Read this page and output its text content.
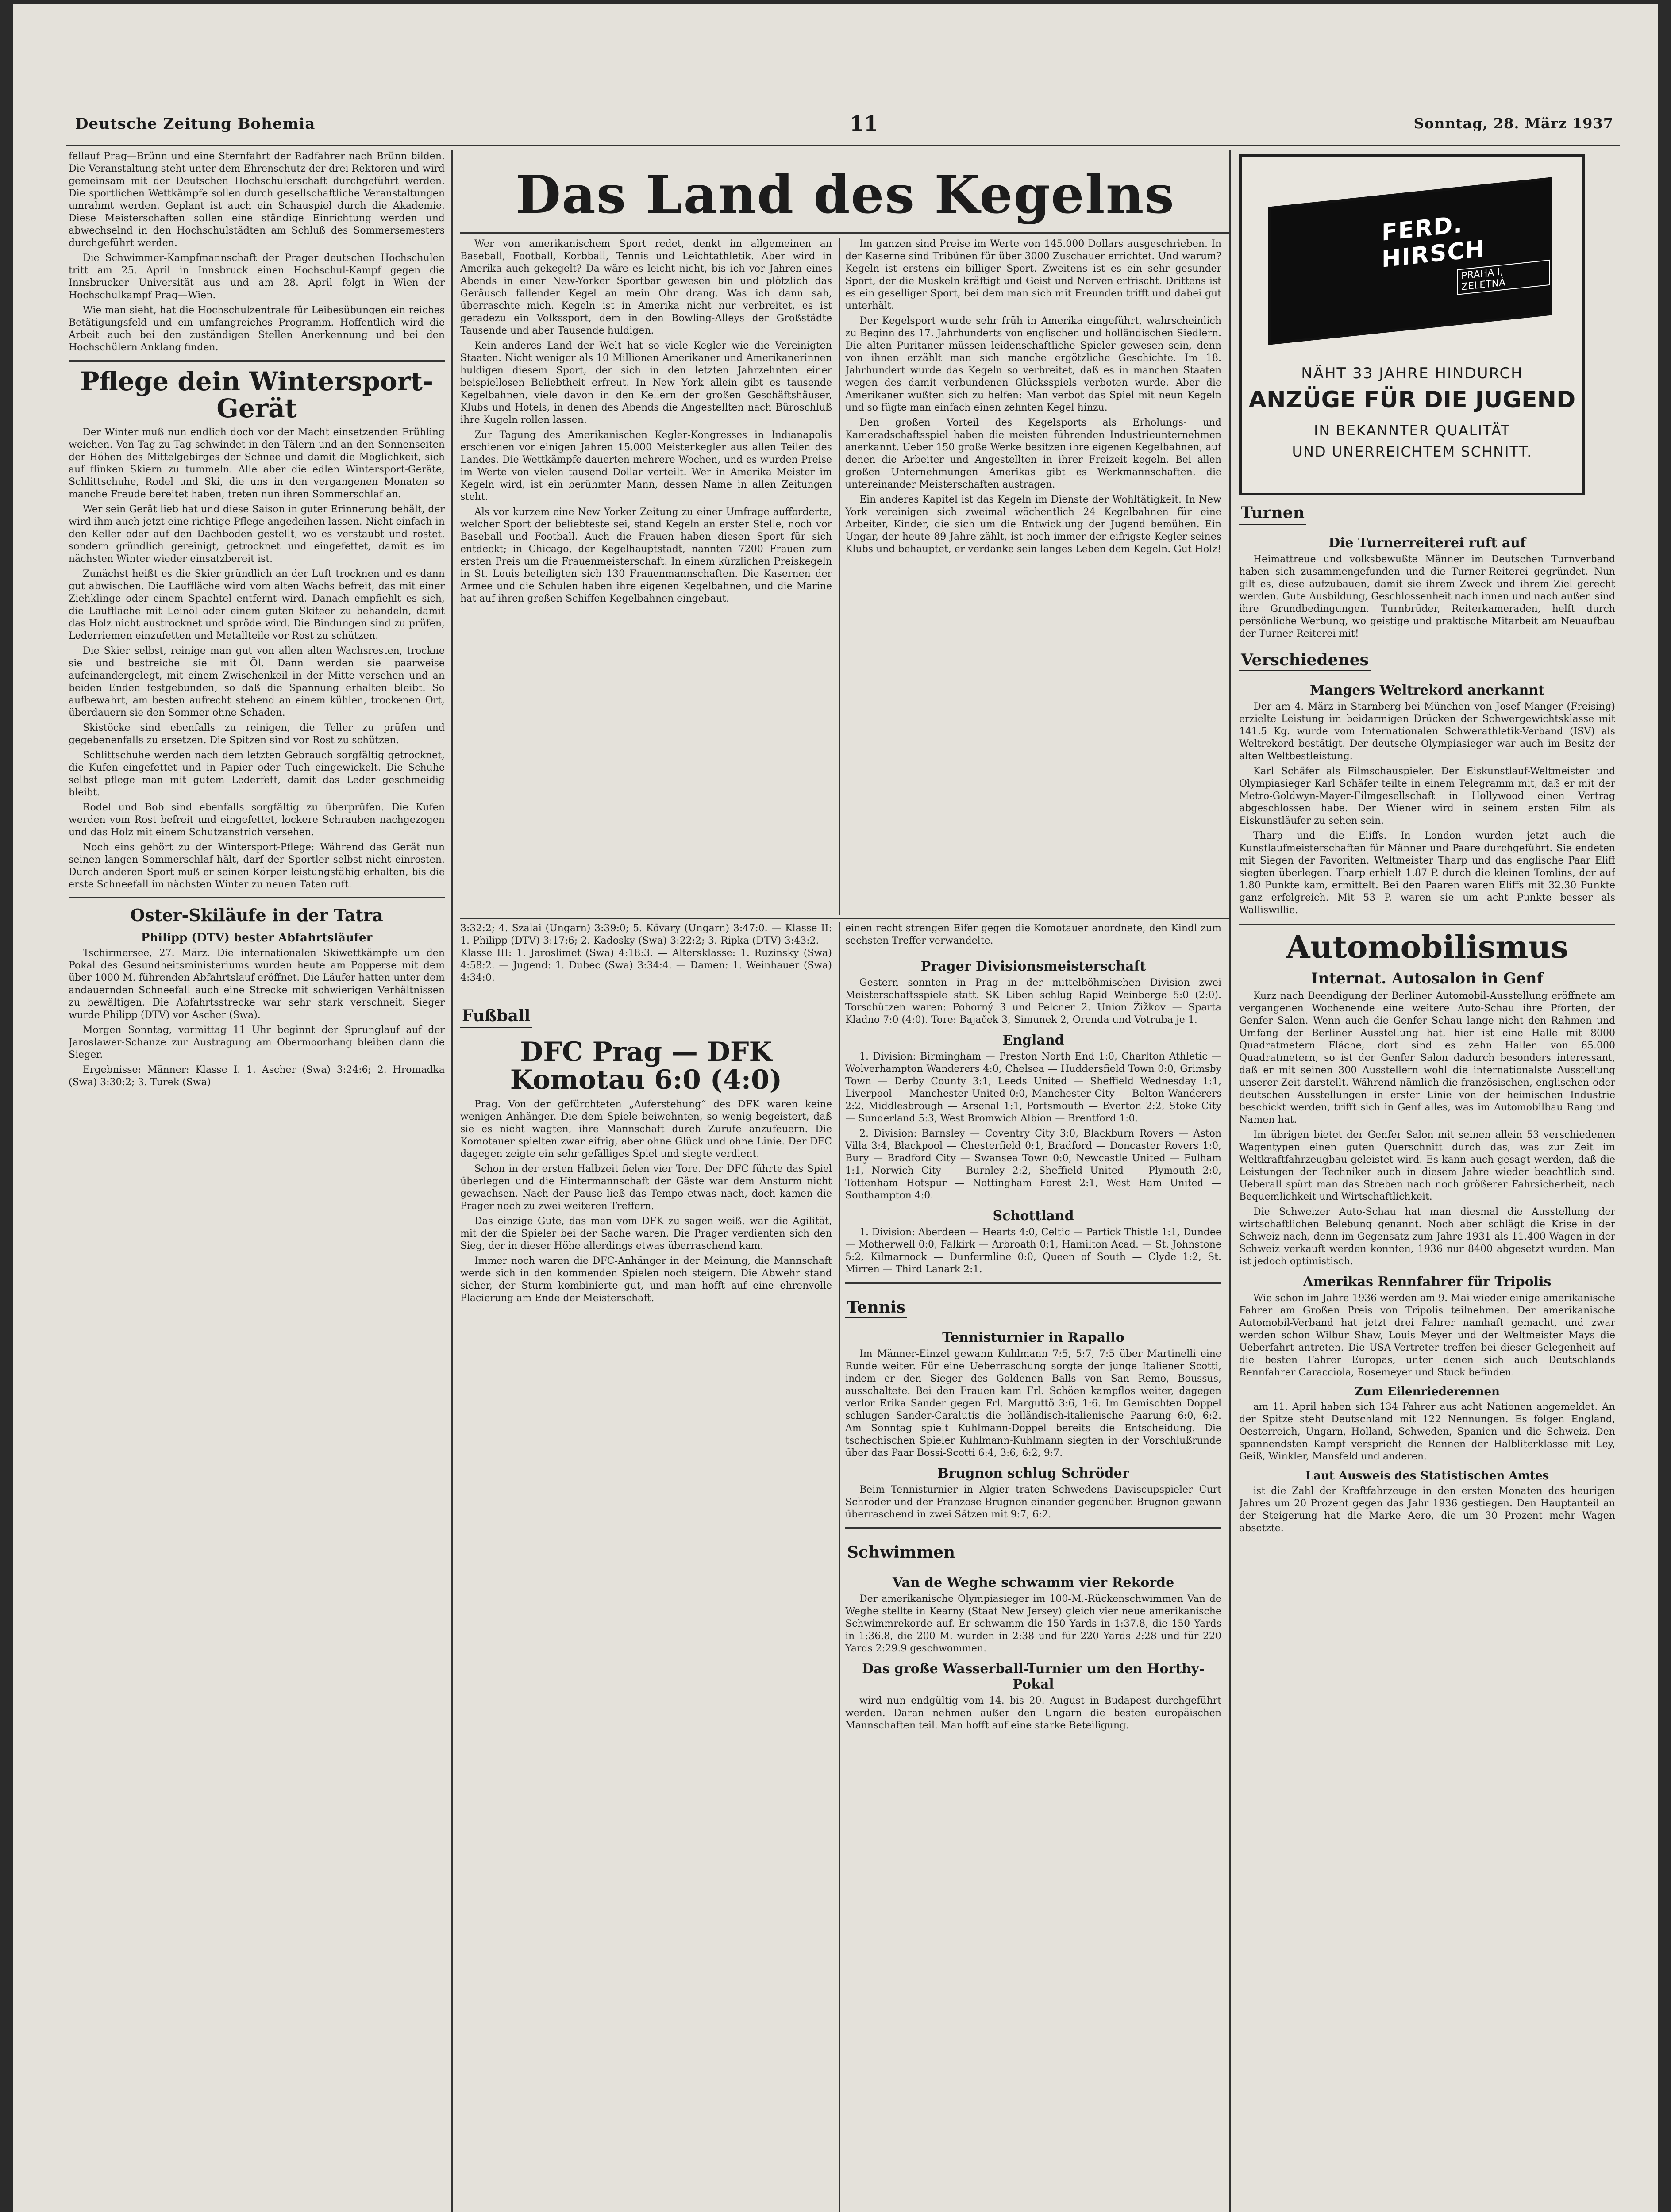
Deutsche Zeitung Bohemia	11	Sonntag, 28. März 1937

fellauf Prag—Brünn und eine Sternfahrt der Radfahrer nach Brünn bilden. Die Veranstaltung steht unter dem Ehrenschutz der drei Rektoren und wird gemeinsam mit der Deutschen Hochschülerschaft durchgeführt werden. Die sportlichen Wettkämpfe sollen durch gesellschaftliche Veranstaltungen umrahmt werden. Geplant ist auch ein Schauspiel durch die Akademie. Diese Meisterschaften sollen eine ständige Einrichtung werden und abwechselnd in den Hochschulstädten am Schluß des Sommersemesters durchgeführt werden.

Die Schwimmer-Kampfmannschaft der Prager deutschen Hochschulen tritt am 25. April in Innsbruck einen Hochschul-Kampf gegen die Innsbrucker Universität aus und am 28. April folgt in Wien der Hochschulkampf Prag—Wien.

Wie man sieht, hat die Hochschulzentrale für Leibesübungen ein reiches Betätigungsfeld und ein umfangreiches Programm. Hoffentlich wird die Arbeit auch bei den zuständigen Stellen Anerkennung und bei den Hochschülern Anklang finden.

Pflege dein Wintersport-Gerät

Der Winter muß nun endlich doch vor der Macht einsetzenden Frühling weichen. Von Tag zu Tag schwindet in den Tälern und an den Sonnenseiten der Höhen des Mittelgebirges der Schnee und damit die Möglichkeit, sich auf flinken Skiern zu tummeln. Alle aber die edlen Wintersport-Geräte, Schlittschuhe, Rodel und Ski, die uns in den vergangenen Monaten so manche Freude bereitet haben, treten nun ihren Sommerschlaf an.

Wer sein Gerät lieb hat und diese Saison in guter Erinnerung behält, der wird ihm auch jetzt eine richtige Pflege angedeihen lassen. Nicht einfach in den Keller oder auf den Dachboden gestellt, wo es verstaubt und rostet, sondern gründlich gereinigt, getrocknet und eingefettet, damit es im nächsten Winter wieder einsatzbereit ist.

Zunächst heißt es die Skier gründlich an der Luft trocknen und es dann gut abwischen. Die Lauffläche wird vom alten Wachs befreit, das mit einer Ziehklinge oder einem Spachtel entfernt wird. Danach empfiehlt es sich, die Lauffläche mit Leinöl oder einem guten Skiteer zu behandeln, damit das Holz nicht austrocknet und spröde wird. Die Bindungen sind zu prüfen, Lederriemen einzufetten und Metallteile vor Rost zu schützen.

Die Skier selbst, reinige man gut von allen alten Wachsresten, trockne sie und bestreiche sie mit Öl. Dann werden sie paarweise aufeinandergelegt, mit einem Zwischenkeil in der Mitte versehen und an beiden Enden festgebunden, so daß die Spannung erhalten bleibt. So aufbewahrt, am besten aufrecht stehend an einem kühlen, trockenen Ort, überdauern sie den Sommer ohne Schaden.

Skistöcke sind ebenfalls zu reinigen, die Teller zu prüfen und gegebenenfalls zu ersetzen. Die Spitzen sind vor Rost zu schützen.

Schlittschuhe werden nach dem letzten Gebrauch sorgfältig getrocknet, die Kufen eingefettet und in Papier oder Tuch eingewickelt. Die Schuhe selbst pflege man mit gutem Lederfett, damit das Leder geschmeidig bleibt.

Rodel und Bob sind ebenfalls sorgfältig zu überprüfen. Die Kufen werden vom Rost befreit und eingefettet, lockere Schrauben nachgezogen und das Holz mit einem Schutzanstrich versehen.

Noch eins gehört zu der Wintersport-Pflege: Während das Gerät nun seinen langen Sommerschlaf hält, darf der Sportler selbst nicht einrosten. Durch anderen Sport muß er seinen Körper leistungsfähig erhalten, bis die erste Schneefall im nächsten Winter zu neuen Taten ruft.

Oster-Skiläufe in der Tatra
Philipp (DTV) bester Abfahrtsläufer

Tschirmersee, 27. März. Die internationalen Skiwettkämpfe um den Pokal des Gesundheitsministeriums wurden heute am Popperse mit dem über 1000 M. führenden Abfahrtslauf eröffnet. Die Läufer hatten unter dem andauernden Schneefall auch eine Strecke mit schwierigen Verhältnissen zu bewältigen. Die Abfahrtsstrecke war sehr stark verschneit. Sieger wurde Philipp (DTV) vor Ascher (Swa).

Morgen Sonntag, vormittag 11 Uhr beginnt der Sprunglauf auf der Jaroslawer-Schanze zur Austragung am Obermoorhang bleiben dann die Sieger.

Ergebnisse: Männer: Klasse I. 1. Ascher (Swa) 3:24:6; 2. Hromadka (Swa) 3:30:2; 3. Turek (Swa)

Das Land des Kegelns

Wer von amerikanischem Sport redet, denkt im allgemeinen an Baseball, Football, Korbball, Tennis und Leichtathletik. Aber wird in Amerika auch gekegelt? Da wäre es leicht nicht, bis ich vor Jahren eines Abends in einer New-Yorker Sportbar gewesen bin und plötzlich das Geräusch fallender Kegel an mein Ohr drang. Was ich dann sah, überraschte mich. Kegeln ist in Amerika nicht nur verbreitet, es ist geradezu ein Volkssport, dem in den Bowling-Alleys der Großstädte Tausende und aber Tausende huldigen.

Kein anderes Land der Welt hat so viele Kegler wie die Vereinigten Staaten. Nicht weniger als 10 Millionen Amerikaner und Amerikanerinnen huldigen diesem Sport, der sich in den letzten Jahrzehnten einer beispiellosen Beliebtheit erfreut. In New York allein gibt es tausende Kegelbahnen, viele davon in den Kellern der großen Geschäftshäuser, Klubs und Hotels, in denen des Abends die Angestellten nach Büroschluß ihre Kugeln rollen lassen.

Zur Tagung des Amerikanischen Kegler-Kongresses in Indianapolis erschienen vor einigen Jahren 15.000 Meisterkegler aus allen Teilen des Landes. Die Wettkämpfe dauerten mehrere Wochen, und es wurden Preise im Werte von vielen tausend Dollar verteilt. Wer in Amerika Meister im Kegeln wird, ist ein berühmter Mann, dessen Name in allen Zeitungen steht.

Als vor kurzem eine New Yorker Zeitung zu einer Umfrage aufforderte, welcher Sport der beliebteste sei, stand Kegeln an erster Stelle, noch vor Baseball und Football. Auch die Frauen haben diesen Sport für sich entdeckt; in Chicago, der Kegelhauptstadt, nannten 7200 Frauen zum ersten Preis um die Frauenmeisterschaft. In einem kürzlichen Preiskegeln in St. Louis beteiligten sich 130 Frauenmannschaften. Die Kasernen der Armee und die Schulen haben ihre eigenen Kegelbahnen, und die Marine hat auf ihren großen Schiffen Kegelbahnen eingebaut.

Im ganzen sind Preise im Werte von 145.000 Dollars ausgeschrieben. In der Kaserne sind Tribünen für über 3000 Zuschauer errichtet. Und warum? Kegeln ist erstens ein billiger Sport. Zweitens ist es ein sehr gesunder Sport, der die Muskeln kräftigt und Geist und Nerven erfrischt. Drittens ist es ein geselliger Sport, bei dem man sich mit Freunden trifft und dabei gut unterhält.

Der Kegelsport wurde sehr früh in Amerika eingeführt, wahrscheinlich zu Beginn des 17. Jahrhunderts von englischen und holländischen Siedlern. Die alten Puritaner müssen leidenschaftliche Spieler gewesen sein, denn von ihnen erzählt man sich manche ergötzliche Geschichte. Im 18. Jahrhundert wurde das Kegeln so verbreitet, daß es in manchen Staaten wegen des damit verbundenen Glücksspiels verboten wurde. Aber die Amerikaner wußten sich zu helfen: Man verbot das Spiel mit neun Kegeln und so fügte man einfach einen zehnten Kegel hinzu.

Den großen Vorteil des Kegelsports als Erholungs- und Kameradschaftsspiel haben die meisten führenden Industrieunternehmen anerkannt. Ueber 150 große Werke besitzen ihre eigenen Kegelbahnen, auf denen die Arbeiter und Angestellten in ihrer Freizeit kegeln. Bei allen großen Unternehmungen Amerikas gibt es Werkmannschaften, die untereinander Meisterschaften austragen.

Ein anderes Kapitel ist das Kegeln im Dienste der Wohltätigkeit. In New York vereinigen sich zweimal wöchentlich 24 Kegelbahnen für eine Arbeiter, Kinder, die sich um die Entwicklung der Jugend bemühen. Ein Ungar, der heute 89 Jahre zählt, ist noch immer der eifrigste Kegler seines Klubs und behauptet, er verdanke sein langes Leben dem Kegeln. Gut Holz!

3:32:2; 4. Szalai (Ungarn) 3:39:0; 5. Kövary (Ungarn) 3:47:0. — Klasse II: 1. Philipp (DTV) 3:17:6; 2. Kadosky (Swa) 3:22:2; 3. Ripka (DTV) 3:43:2. — Klasse III: 1. Jaroslimet (Swa) 4:18:3. — Altersklasse: 1. Ruzinsky (Swa) 4:58:2. — Jugend: 1. Dubec (Swa) 3:34:4. — Damen: 1. Weinhauer (Swa) 4:34:0.

Fußball
DFC Prag — DFK Komotau 6:0 (4:0)

Prag. Von der gefürchteten „Auferstehung“ des DFK waren keine wenigen Anhänger. Die dem Spiele beiwohnten, so wenig begeistert, daß sie es nicht wagten, ihre Mannschaft durch Zurufe anzufeuern. Die Komotauer spielten zwar eifrig, aber ohne Glück und ohne Linie. Der DFC dagegen zeigte ein sehr gefälliges Spiel und siegte verdient.

Schon in der ersten Halbzeit fielen vier Tore. Der DFC führte das Spiel überlegen und die Hintermannschaft der Gäste war dem Ansturm nicht gewachsen. Nach der Pause ließ das Tempo etwas nach, doch kamen die Prager noch zu zwei weiteren Treffern.

Das einzige Gute, das man vom DFK zu sagen weiß, war die Agilität, mit der die Spieler bei der Sache waren. Die Prager verdienten sich den Sieg, der in dieser Höhe allerdings etwas überraschend kam.

Immer noch waren die DFC-Anhänger in der Meinung, die Mannschaft werde sich in den kommenden Spielen noch steigern. Die Abwehr stand sicher, der Sturm kombinierte gut, und man hofft auf eine ehrenvolle Placierung am Ende der Meisterschaft.

einen recht strengen Eifer gegen die Komotauer anordnete, den Kindl zum sechsten Treffer verwandelte.

Prager Divisionsmeisterschaft

Gestern sonnten in Prag in der mittelböhmischen Division zwei Meisterschaftsspiele statt. SK Liben schlug Rapid Weinberge 5:0 (2:0). Torschützen waren: Pohorný 3 und Pelcner 2. Union Žižkov — Sparta Kladno 7:0 (4:0). Tore: Bajaček 3, Simunek 2, Orenda und Votruba je 1.

England

1. Division: Birmingham — Preston North End 1:0, Charlton Athletic — Wolverhampton Wanderers 4:0, Chelsea — Huddersfield Town 0:0, Grimsby Town — Derby County 3:1, Leeds United — Sheffield Wednesday 1:1, Liverpool — Manchester United 0:0, Manchester City — Bolton Wanderers 2:2, Middlesbrough — Arsenal 1:1, Portsmouth — Everton 2:2, Stoke City — Sunderland 5:3, West Bromwich Albion — Brentford 1:0.

2. Division: Barnsley — Coventry City 3:0, Blackburn Rovers — Aston Villa 3:4, Blackpool — Chesterfield 0:1, Bradford — Doncaster Rovers 1:0, Bury — Bradford City — Swansea Town 0:0, Newcastle United — Fulham 1:1, Norwich City — Burnley 2:2, Sheffield United — Plymouth 2:0, Tottenham Hotspur — Nottingham Forest 2:1, West Ham United — Southampton 4:0.

Schottland

1. Division: Aberdeen — Hearts 4:0, Celtic — Partick Thistle 1:1, Dundee — Motherwell 0:0, Falkirk — Arbroath 0:1, Hamilton Acad. — St. Johnstone 5:2, Kilmarnock — Dunfermline 0:0, Queen of South — Clyde 1:2, St. Mirren — Third Lanark 2:1.

Tennis
Tennisturnier in Rapallo

Im Männer-Einzel gewann Kuhlmann 7:5, 5:7, 7:5 über Martinelli eine Runde weiter. Für eine Ueberraschung sorgte der junge Italiener Scotti, indem er den Sieger des Goldenen Balls von San Remo, Boussus, ausschaltete. Bei den Frauen kam Frl. Schöen kampflos weiter, dagegen verlor Erika Sander gegen Frl. Marguttö 3:6, 1:6. Im Gemischten Doppel schlugen Sander-Caralutis die holländisch-italienische Paarung 6:0, 6:2. Am Sonntag spielt Kuhlmann-Doppel bereits die Entscheidung. Die tschechischen Spieler Kuhlmann-Kuhlmann siegten in der Vorschlußrunde über das Paar Bossi-Scotti 6:4, 3:6, 6:2, 9:7.

Brugnon schlug Schröder

Beim Tennisturnier in Algier traten Schwedens Daviscupspieler Curt Schröder und der Franzose Brugnon einander gegenüber. Brugnon gewann überraschend in zwei Sätzen mit 9:7, 6:2.

Schwimmen
Van de Weghe schwamm vier Rekorde

Der amerikanische Olympiasieger im 100-M.-Rückenschwimmen Van de Weghe stellte in Kearny (Staat New Jersey) gleich vier neue amerikanische Schwimmrekorde auf. Er schwamm die 150 Yards in 1:37.8, die 150 Yards in 1:36.8, die 200 M. wurden in 2:38 und für 220 Yards 2:28 und für 220 Yards 2:29.9 geschwommen.

Das große Wasserball-Turnier um den Horthy-Pokal

wird nun endgültig vom 14. bis 20. August in Budapest durchgeführt werden. Daran nehmen außer den Ungarn die besten europäischen Mannschaften teil. Man hofft auf eine starke Beteiligung.

FERD. HIRSCH
PRAHA I, ZELETNÁ
NÄHT 33 JAHRE HINDURCH
ANZÜGE FÜR DIE JUGEND
IN BEKANNTER QUALITÄT
UND UNERREICHTEM SCHNITT.
Turnen
Die Turnerreiterei ruft auf

Heimattreue und volksbewußte Männer im Deutschen Turnverband haben sich zusammengefunden und die Turner-Reiterei gegründet. Nun gilt es, diese aufzubauen, damit sie ihrem Zweck und ihrem Ziel gerecht werden. Gute Ausbildung, Geschlossenheit nach innen und nach außen sind ihre Grundbedingungen. Turnbrüder, Reiterkameraden, helft durch persönliche Werbung, wo geistige und praktische Mitarbeit am Neuaufbau der Turner-Reiterei mit!

Verschiedenes
Mangers Weltrekord anerkannt

Der am 4. März in Starnberg bei München von Josef Manger (Freising) erzielte Leistung im beidarmigen Drücken der Schwergewichtsklasse mit 141.5 Kg. wurde vom Internationalen Schwerathletik-Verband (ISV) als Weltrekord bestätigt. Der deutsche Olympiasieger war auch im Besitz der alten Weltbestleistung.

Karl Schäfer als Filmschauspieler. Der Eiskunstlauf-Weltmeister und Olympiasieger Karl Schäfer teilte in einem Telegramm mit, daß er mit der Metro-Goldwyn-Mayer-Filmgesellschaft in Hollywood einen Vertrag abgeschlossen habe. Der Wiener wird in seinem ersten Film als Eiskunstläufer zu sehen sein.

Tharp und die Eliffs. In London wurden jetzt auch die Kunstlaufmeisterschaften für Männer und Paare durchgeführt. Sie endeten mit Siegen der Favoriten. Weltmeister Tharp und das englische Paar Eliff siegten überlegen. Tharp erhielt 1.87 P. durch die kleinen Tomlins, der auf 1.80 Punkte kam, ermittelt. Bei den Paaren waren Eliffs mit 32.30 Punkte ganz erfolgreich. Mit 53 P. waren sie um acht Punkte besser als Walliswillie.

Automobilismus
Internat. Autosalon in Genf

Kurz nach Beendigung der Berliner Automobil-Ausstellung eröffnete am vergangenen Wochenende eine weitere Auto-Schau ihre Pforten, der Genfer Salon. Wenn auch die Genfer Schau lange nicht den Rahmen und Umfang der Berliner Ausstellung hat, hier ist eine Halle mit 8000 Quadratmetern Fläche, dort sind es zehn Hallen von 65.000 Quadratmetern, so ist der Genfer Salon dadurch besonders interessant, daß er mit seinen 300 Ausstellern wohl die internationalste Ausstellung unserer Zeit darstellt. Während nämlich die französischen, englischen oder deutschen Ausstellungen in erster Linie von der heimischen Industrie beschickt werden, trifft sich in Genf alles, was im Automobilbau Rang und Namen hat.

Im übrigen bietet der Genfer Salon mit seinen allein 53 verschiedenen Wagentypen einen guten Querschnitt durch das, was zur Zeit im Weltkraftfahrzeugbau geleistet wird. Es kann auch gesagt werden, daß die Leistungen der Techniker auch in diesem Jahre wieder beachtlich sind. Ueberall spürt man das Streben nach noch größerer Fahrsicherheit, nach Bequemlichkeit und Wirtschaftlichkeit.

Die Schweizer Auto-Schau hat man diesmal die Ausstellung der wirtschaftlichen Belebung genannt. Noch aber schlägt die Krise in der Schweiz nach, denn im Gegensatz zum Jahre 1931 als 11.400 Wagen in der Schweiz verkauft werden konnten, 1936 nur 8400 abgesetzt wurden. Man ist jedoch optimistisch.

Amerikas Rennfahrer für Tripolis

Wie schon im Jahre 1936 werden am 9. Mai wieder einige amerikanische Fahrer am Großen Preis von Tripolis teilnehmen. Der amerikanische Automobil-Verband hat jetzt drei Fahrer namhaft gemacht, und zwar werden schon Wilbur Shaw, Louis Meyer und der Weltmeister Mays die Ueberfahrt antreten. Die USA-Vertreter treffen bei dieser Gelegenheit auf die besten Fahrer Europas, unter denen sich auch Deutschlands Rennfahrer Caracciola, Rosemeyer und Stuck befinden.

Zum Eilenriederennen

am 11. April haben sich 134 Fahrer aus acht Nationen angemeldet. An der Spitze steht Deutschland mit 122 Nennungen. Es folgen England, Oesterreich, Ungarn, Holland, Schweden, Spanien und die Schweiz. Den spannendsten Kampf verspricht die Rennen der Halbliterklasse mit Ley, Geiß, Winkler, Mansfeld und anderen.

Laut Ausweis des Statistischen Amtes

ist die Zahl der Kraftfahrzeuge in den ersten Monaten des heurigen Jahres um 20 Prozent gegen das Jahr 1936 gestiegen. Den Hauptanteil an der Steigerung hat die Marke Aero, die um 30 Prozent mehr Wagen absetzte.
